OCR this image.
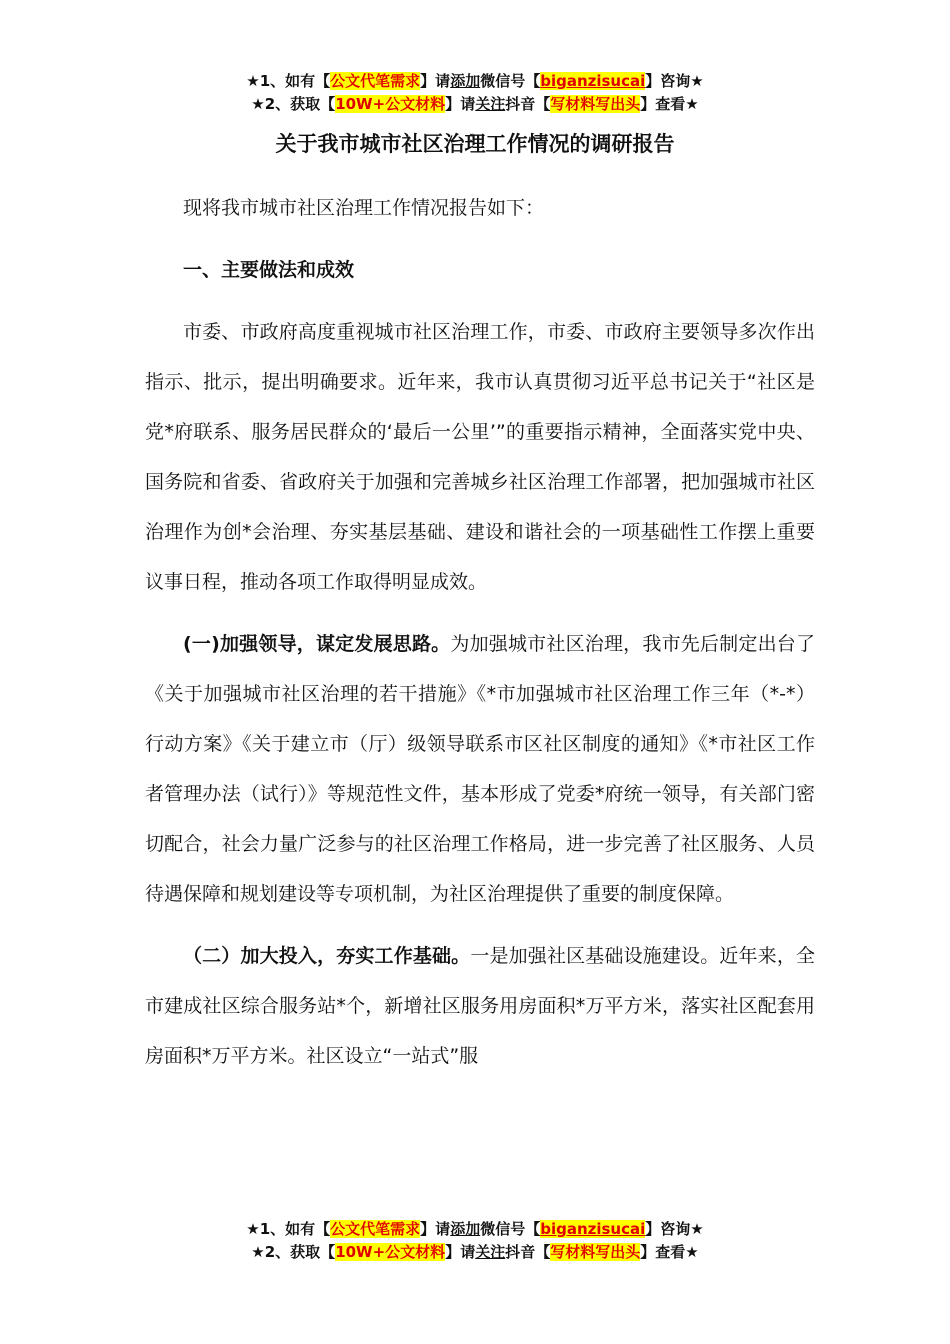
★1、如有【公文代笔需求】请添加微信号【biganzisucai】咨询★
★2、获取【10W+公文材料】请关注抖音【写材料写出头】查看★
关于我市城市社区治理工作情况的调研报告

现将我市城市社区治理工作情况报告如下：

一、主要做法和成效

市委、市政府高度重视城市社区治理工作，市委、市政府主要领导多次作出指示、批示，提出明确要求。近年来，我市认真贯彻习近平总书记关于“社区是党*府联系、服务居民群众的‘最后一公里’”的重要指示精神，全面落实党中央、国务院和省委、省政府关于加强和完善城乡社区治理工作部署，把加强城市社区治理作为创*会治理、夯实基层基础、建设和谐社会的一项基础性工作摆上重要议事日程，推动各项工作取得明显成效。

(一)加强领导，谋定发展思路。为加强城市社区治理，我市先后制定出台了《关于加强城市社区治理的若干措施》《*市加强城市社区治理工作三年（*-*）行动方案》《关于建立市（厅）级领导联系市区社区制度的通知》《*市社区工作者管理办法（试行）》等规范性文件，基本形成了党委*府统一领导，有关部门密切配合，社会力量广泛参与的社区治理工作格局，进一步完善了社区服务、人员待遇保障和规划建设等专项机制，为社区治理提供了重要的制度保障。

（二）加大投入，夯实工作基础。一是加强社区基础设施建设。近年来，全市建成社区综合服务站*个，新增社区服务用房面积*万平方米，落实社区配套用房面积*万平方米。社区设立“一站式”服

★1、如有【公文代笔需求】请添加微信号【biganzisucai】咨询★
★2、获取【10W+公文材料】请关注抖音【写材料写出头】查看★
